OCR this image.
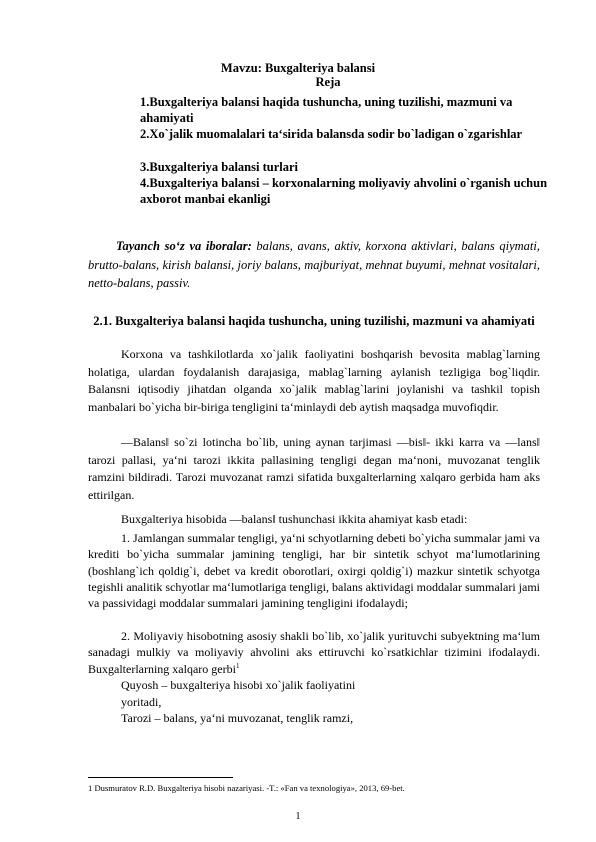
Mavzu: Buxgalteriya balansi
Reja
1.Buxgalteriya balansi haqida tushuncha, uning tuzilishi, mazmuni va ahamiyati
2.Xo`jalik muomalalari ta‘sirida balansda sodir bo`ladigan o`zgarishlar
3.Buxgalteriya balansi turlari
4.Buxgalteriya balansi – korxonalarning moliyaviy ahvolini o`rganish uchun axborot manbai ekanligi

Tayanch so‘z va iboralar: balans, avans, aktiv, korxona aktivlari, balans qiymati, brutto-balans, kirish balansi, joriy balans, majburiyat, mehnat buyumi, mehnat vositalari, netto-balans, passiv.

2.1. Buxgalteriya balansi haqida tushuncha, uning tuzilishi, mazmuni va ahamiyati

Korxona va tashkilotlarda xo`jalik faoliyatini boshqarish bevosita mablag`larning holatiga, ulardan foydalanish darajasiga, mablag`larning aylanish tezligiga bog`liqdir. Balansni iqtisodiy jihatdan olganda xo`jalik mablag`larini joylanishi va tashkil topish manbalari bo`yicha bir-biriga tengligini ta‘minlaydi deb aytish maqsadga muvofiqdir.

―Balans‖ so`zi lotincha bo`lib, uning aynan tarjimasi ―bis‖- ikki karra va ―lans‖ tarozi pallasi, ya‘ni tarozi ikkita pallasining tengligi degan ma‘noni, muvozanat tenglik ramzini bildiradi. Tarozi muvozanat ramzi sifatida buxgalterlarning xalqaro gerbida ham aks ettirilgan.

Buxgalteriya hisobida ―balans‖ tushunchasi ikkita ahamiyat kasb etadi:

1. Jamlangan summalar tengligi, ya‘ni schyotlarning debeti bo`yicha summalar jami va krediti bo`yicha summalar jamining tengligi, har bir sintetik schyot ma‘lumotlarining (boshlang`ich qoldig`i, debet va kredit oborotlari, oxirgi qoldig`i) mazkur sintetik schyotga tegishli analitik schyotlar ma‘lumotlariga tengligi, balans aktividagi moddalar summalari jami va passividagi moddalar summalari jamining tengligini ifodalaydi;

2. Moliyaviy hisobotning asosiy shakli bo`lib, xo`jalik yurituvchi subyektning ma‘lum sanadagi mulkiy va moliyaviy ahvolini aks ettiruvchi ko`rsatkichlar tizimini ifodalaydi. Buxgalterlarning xalqaro gerbi$^1$

Quyosh – buxgalteriya hisobi xo`jalik faoliyatini
yoritadi,
Tarozi – balans, ya‘ni muvozanat, tenglik ramzi,
1 Dusmuratov R.D. Buxgalteriya hisobi nazariyasi. -T.: «Fan va texnologiya», 2013, 69-bet.
1
